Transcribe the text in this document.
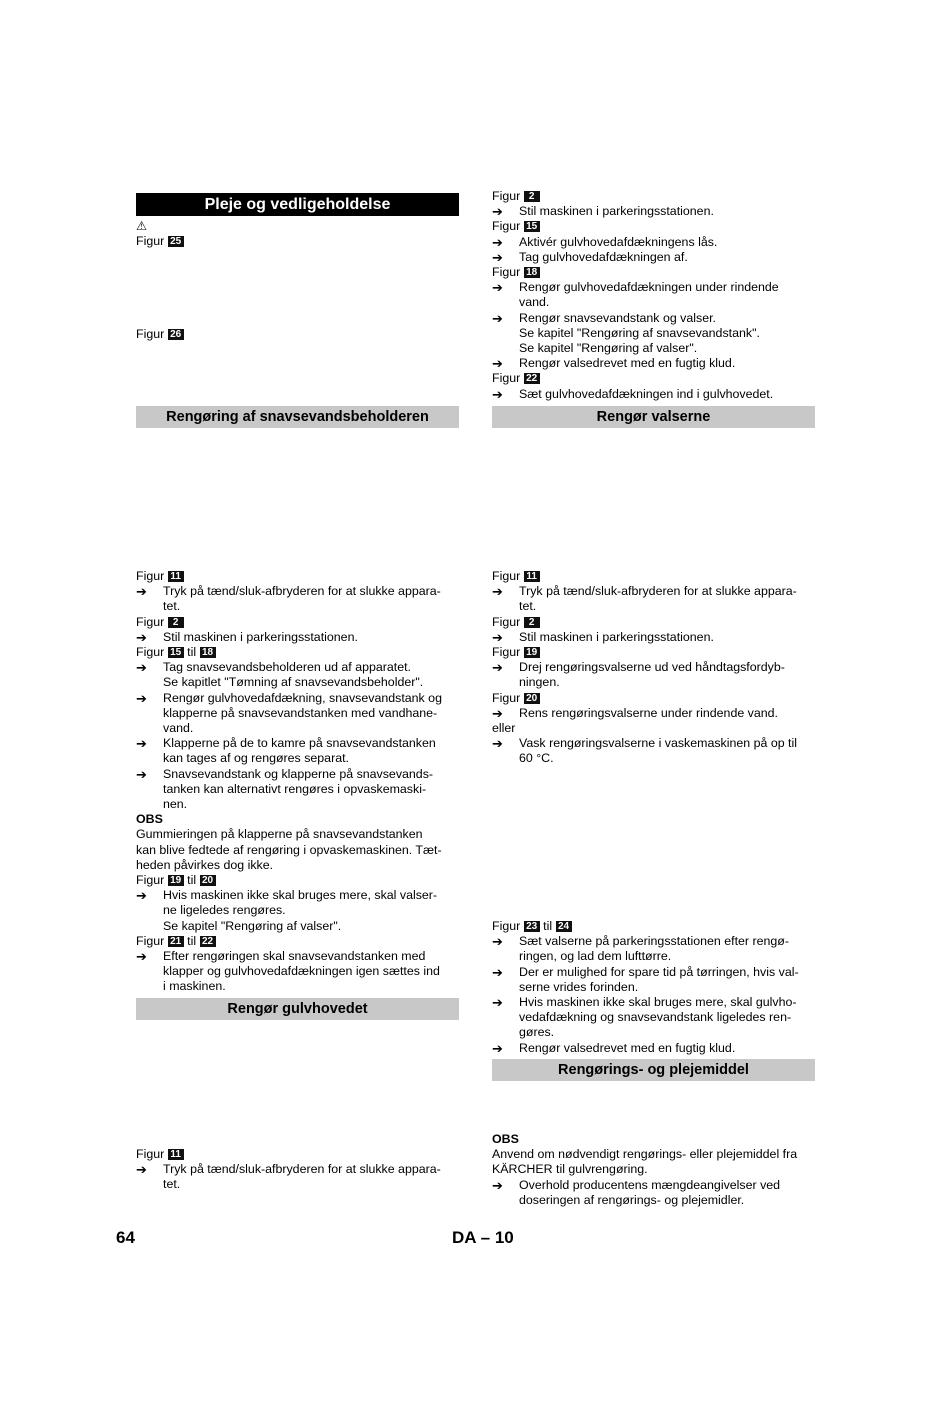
Pleje og vedligeholdelse
⚠
Figur 25
Figur 26
Rengøring af snavsevandsbeholderen
Figur 11
➔ Tryk på tænd/sluk-afbryderen for at slukke appara-
tet.
Figur 2
➔ Stil maskinen i parkeringsstationen.
Figur 15 til 18
➔ Tag snavsevandsbeholderen ud af apparatet.
Se kapitlet "Tømning af snavsevandsbeholder".
➔ Rengør gulvhovedafdækning, snavsevandstank og
klapperne på snavsevandstanken med vandhane-
vand.
➔ Klapperne på de to kamre på snavsevandstanken
kan tages af og rengøres separat.
➔ Snavsevandstank og klapperne på snavsevands-
tanken kan alternativt rengøres i opvaskemaski-
nen.
OBS
Gummieringen på klapperne på snavsevandstanken
kan blive fedtede af rengøring i opvaskemaskinen. Tæt-
heden påvirkes dog ikke.
Figur 19 til 20
➔ Hvis maskinen ikke skal bruges mere, skal valser-
ne ligeledes rengøres.
Se kapitel "Rengøring af valser".
Figur 21 til 22
➔ Efter rengøringen skal snavsevandstanken med
klapper og gulvhovedafdækningen igen sættes ind
i maskinen.
Rengør gulvhovedet
Figur 11
➔ Tryk på tænd/sluk-afbryderen for at slukke appara-
tet.
Figur 2
➔ Stil maskinen i parkeringsstationen.
Figur 15
➔ Aktivér gulvhovedafdækningens lås.
➔ Tag gulvhovedafdækningen af.
Figur 18
➔ Rengør gulvhovedafdækningen under rindende
vand.
➔ Rengør snavsevandstank og valser.
Se kapitel "Rengøring af snavsevandstank".
Se kapitel "Rengøring af valser".
➔ Rengør valsedrevet med en fugtig klud.
Figur 22
➔ Sæt gulvhovedafdækningen ind i gulvhovedet.
Rengør valserne
Figur 11
➔ Tryk på tænd/sluk-afbryderen for at slukke appara-
tet.
Figur 2
➔ Stil maskinen i parkeringsstationen.
Figur 19
➔ Drej rengøringsvalserne ud ved håndtagsfordyb-
ningen.
Figur 20
➔ Rens rengøringsvalserne under rindende vand.
eller
➔ Vask rengøringsvalserne i vaskemaskinen på op til
60 °C.
Figur 23 til 24
➔ Sæt valserne på parkeringsstationen efter rengø-
ringen, og lad dem lufttørre.
➔ Der er mulighed for spare tid på tørringen, hvis val-
serne vrides forinden.
➔ Hvis maskinen ikke skal bruges mere, skal gulvho-
vedafdækning og snavsevandstank ligeledes ren-
gøres.
➔ Rengør valsedrevet med en fugtig klud.
Rengørings- og plejemiddel
OBS
Anvend om nødvendigt rengørings- eller plejemiddel fra
KÄRCHER til gulvrengøring.
➔ Overhold producentens mængdeangivelser ved
doseringen af rengørings- og plejemidler.
64	DA – 10
